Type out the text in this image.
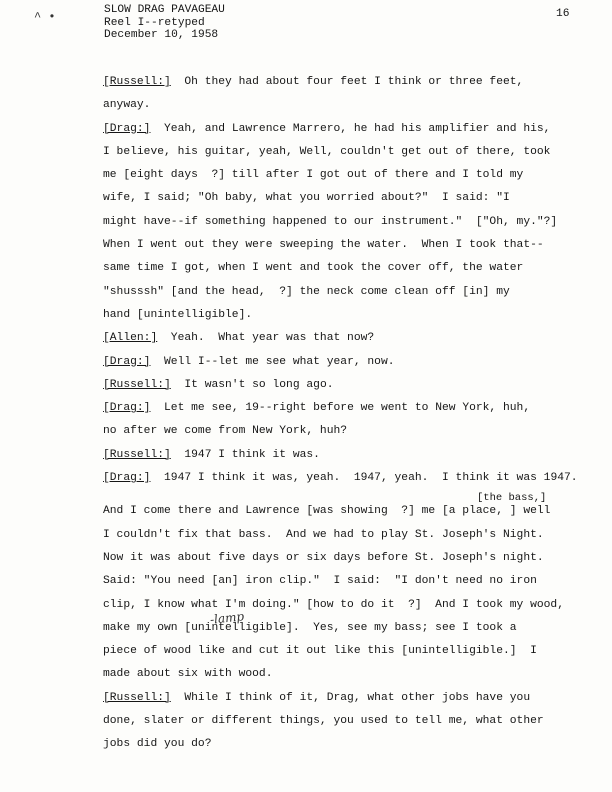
^ •	SLOW DRAG PAVAGEAU
Reel I--retyped
December 10, 1958
16
[Russell:]  Oh they had about four feet I think or three feet,
anyway.
[Drag:]  Yeah, and Lawrence Marrero, he had his amplifier and his,
I believe, his guitar, yeah, Well, couldn't get out of there, took
me [eight days  ?] till after I got out of there and I told my
wife, I said; "Oh baby, what you worried about?"  I said: "I
might have--if something happened to our instrument."  ["Oh, my."?]
When I went out they were sweeping the water.  When I took that--
same time I got, when I went and took the cover off, the water
"shusssh" [and the head,  ?] the neck come clean off [in] my
hand [unintelligible].
[Allen:]  Yeah.  What year was that now?
[Drag:]  Well I--let me see what year, now.
[Russell:]  It wasn't so long ago.
[Drag:]  Let me see, 19--right before we went to New York, huh,
no after we come from New York, huh?
[Russell:]  1947 I think it was.
[Drag:]  1947 I think it was, yeah.  1947, yeah.  I think it was 1947.
[the bass,]
And I come there and Lawrence [was showing  ?] me [a place, ] well
I couldn't fix that bass.  And we had to play St. Joseph's Night.
Now it was about five days or six days before St. Joseph's night.
Said: "You need [an] iron clip."  I said:  "I don't need no iron
clip, I know what I'm doing." [how to do it  ?]  And I took my wood,
make my own [unintelligible].  Yes, see my bass; see I took a
piece of wood like and cut it out like this [unintelligible.]  I
made about six with wood.
[Russell:]  While I think of it, Drag, what other jobs have you
done, slater or different things, you used to tell me, what other
jobs did you do?
-lamp
